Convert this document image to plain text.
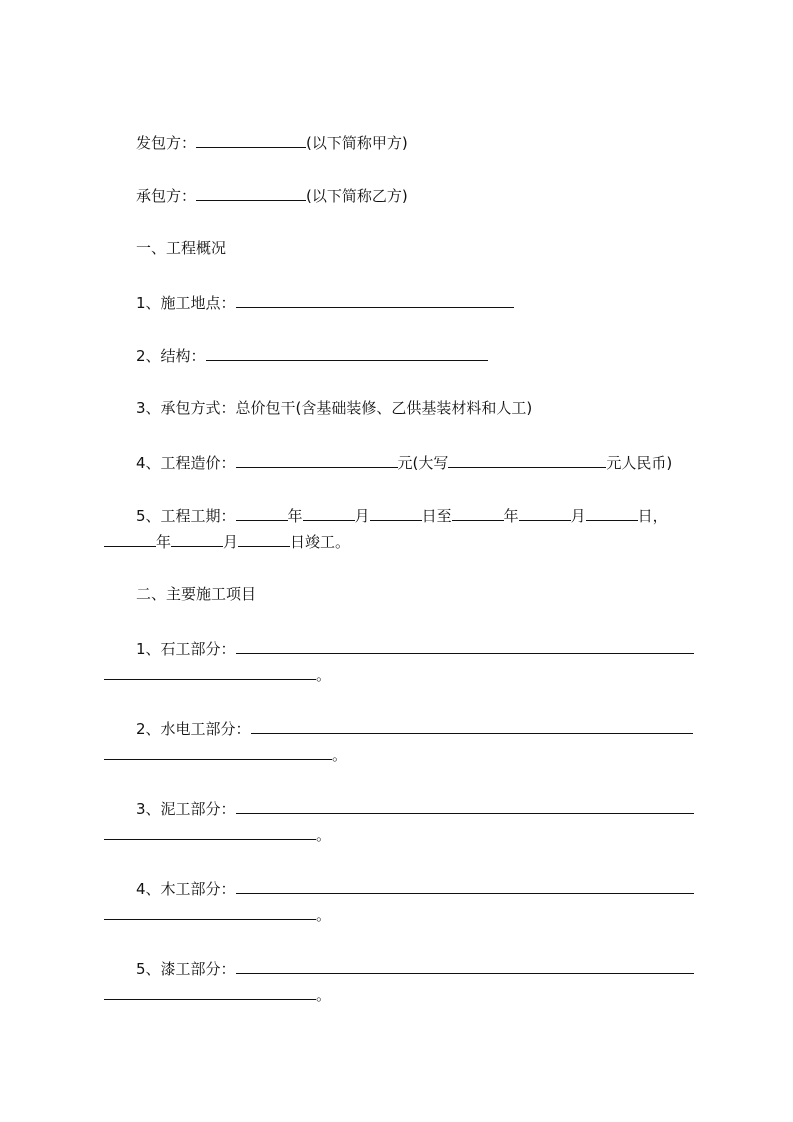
发包方：	(以下简称甲方)
承包方：	(以下简称乙方)
一、工程概况
1、施工地点：
2、结构：
3、承包方式：总价包干(含基础装修、乙供基装材料和人工)
4、工程造价：	元(大写	元人民币)
5、工程工期：	年	月	日至	年	月	日，
年	月	日竣工。
二、主要施工项目
1、石工部分：
。
2、水电工部分：
。
3、泥工部分：
。
4、木工部分：
。
5、漆工部分：
。
